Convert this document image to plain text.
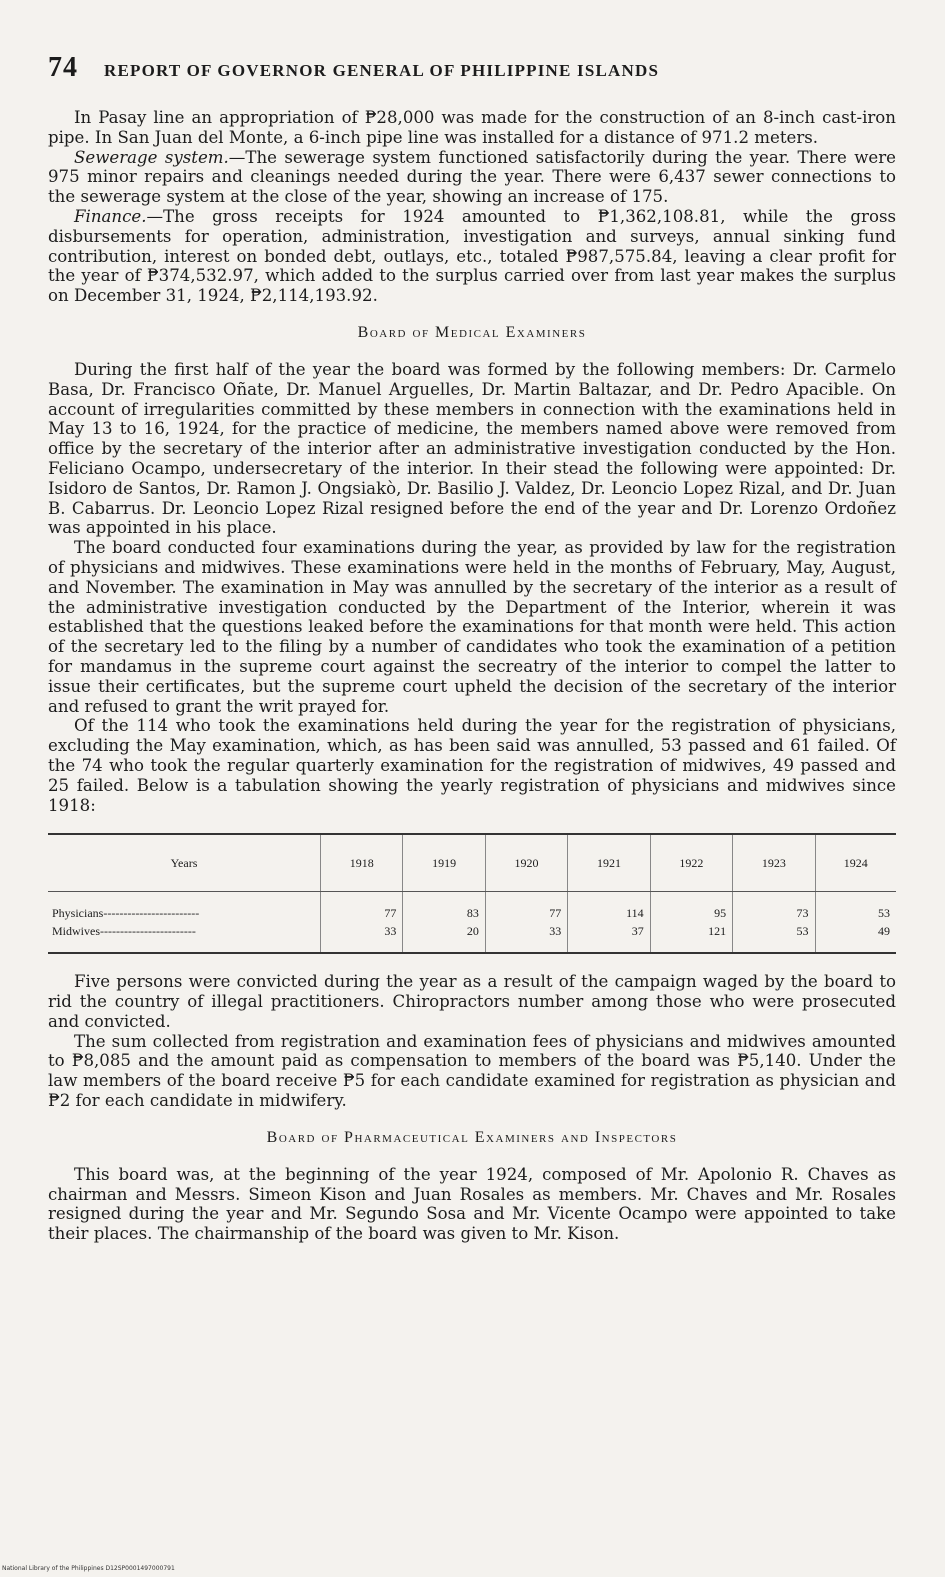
74 REPORT OF GOVERNOR GENERAL OF PHILIPPINE ISLANDS

In Pasay line an appropriation of ₱28,000 was made for the construction of an 8-inch cast-iron pipe. In San Juan del Monte, a 6-inch pipe line was installed for a distance of 971.2 meters.

Sewerage system.—The sewerage system functioned satisfactorily during the year. There were 975 minor repairs and cleanings needed during the year. There were 6,437 sewer connections to the sewerage system at the close of the year, showing an increase of 175.

Finance.—The gross receipts for 1924 amounted to ₱1,362,108.81, while the gross disbursements for operation, administration, investigation and surveys, annual sinking fund contribution, interest on bonded debt, outlays, etc., totaled ₱987,575.84, leaving a clear profit for the year of ₱374,532.97, which added to the surplus carried over from last year makes the surplus on December 31, 1924, ₱2,114,193.92.

Board of Medical Examiners

During the first half of the year the board was formed by the following members: Dr. Carmelo Basa, Dr. Francisco Oñate, Dr. Manuel Arguelles, Dr. Martin Baltazar, and Dr. Pedro Apacible. On account of irregularities committed by these members in connection with the examinations held in May 13 to 16, 1924, for the practice of medicine, the members named above were removed from office by the secretary of the interior after an administrative investigation conducted by the Hon. Feliciano Ocampo, undersecretary of the interior. In their stead the following were appointed: Dr. Isidoro de Santos, Dr. Ramon J. Ongsiakò, Dr. Basilio J. Valdez, Dr. Leoncio Lopez Rizal, and Dr. Juan B. Cabarrus. Dr. Leoncio Lopez Rizal resigned before the end of the year and Dr. Lorenzo Ordoñez was appointed in his place.

The board conducted four examinations during the year, as provided by law for the registration of physicians and midwives. These examinations were held in the months of February, May, August, and November. The examination in May was annulled by the secretary of the interior as a result of the administrative investigation conducted by the Department of the Interior, wherein it was established that the questions leaked before the examinations for that month were held. This action of the secretary led to the filing by a number of candidates who took the examination of a petition for mandamus in the supreme court against the secreatry of the interior to compel the latter to issue their certificates, but the supreme court upheld the decision of the secretary of the interior and refused to grant the writ prayed for.

Of the 114 who took the examinations held during the year for the registration of physicians, excluding the May examination, which, as has been said was annulled, 53 passed and 61 failed. Of the 74 who took the regular quarterly examination for the registration of midwives, 49 passed and 25 failed. Below is a tabulation showing the yearly registration of physicians and midwives since 1918:

Years	1918	1919	1920	1921	1922	1923	1924
Physicians------------------------	77	83	77	114	95	73	53
Midwives------------------------	33	20	33	37	121	53	49

Five persons were convicted during the year as a result of the campaign waged by the board to rid the country of illegal practitioners. Chiropractors number among those who were prosecuted and convicted.

The sum collected from registration and examination fees of physicians and midwives amounted to ₱8,085 and the amount paid as compensation to members of the board was ₱5,140. Under the law members of the board receive ₱5 for each candidate examined for registration as physician and ₱2 for each candidate in midwifery.

Board of Pharmaceutical Examiners and Inspectors

This board was, at the beginning of the year 1924, composed of Mr. Apolonio R. Chaves as chairman and Messrs. Simeon Kison and Juan Rosales as members. Mr. Chaves and Mr. Rosales resigned during the year and Mr. Segundo Sosa and Mr. Vicente Ocampo were appointed to take their places. The chairmanship of the board was given to Mr. Kison.

National Library of the Philippines D12SP0001497000791
